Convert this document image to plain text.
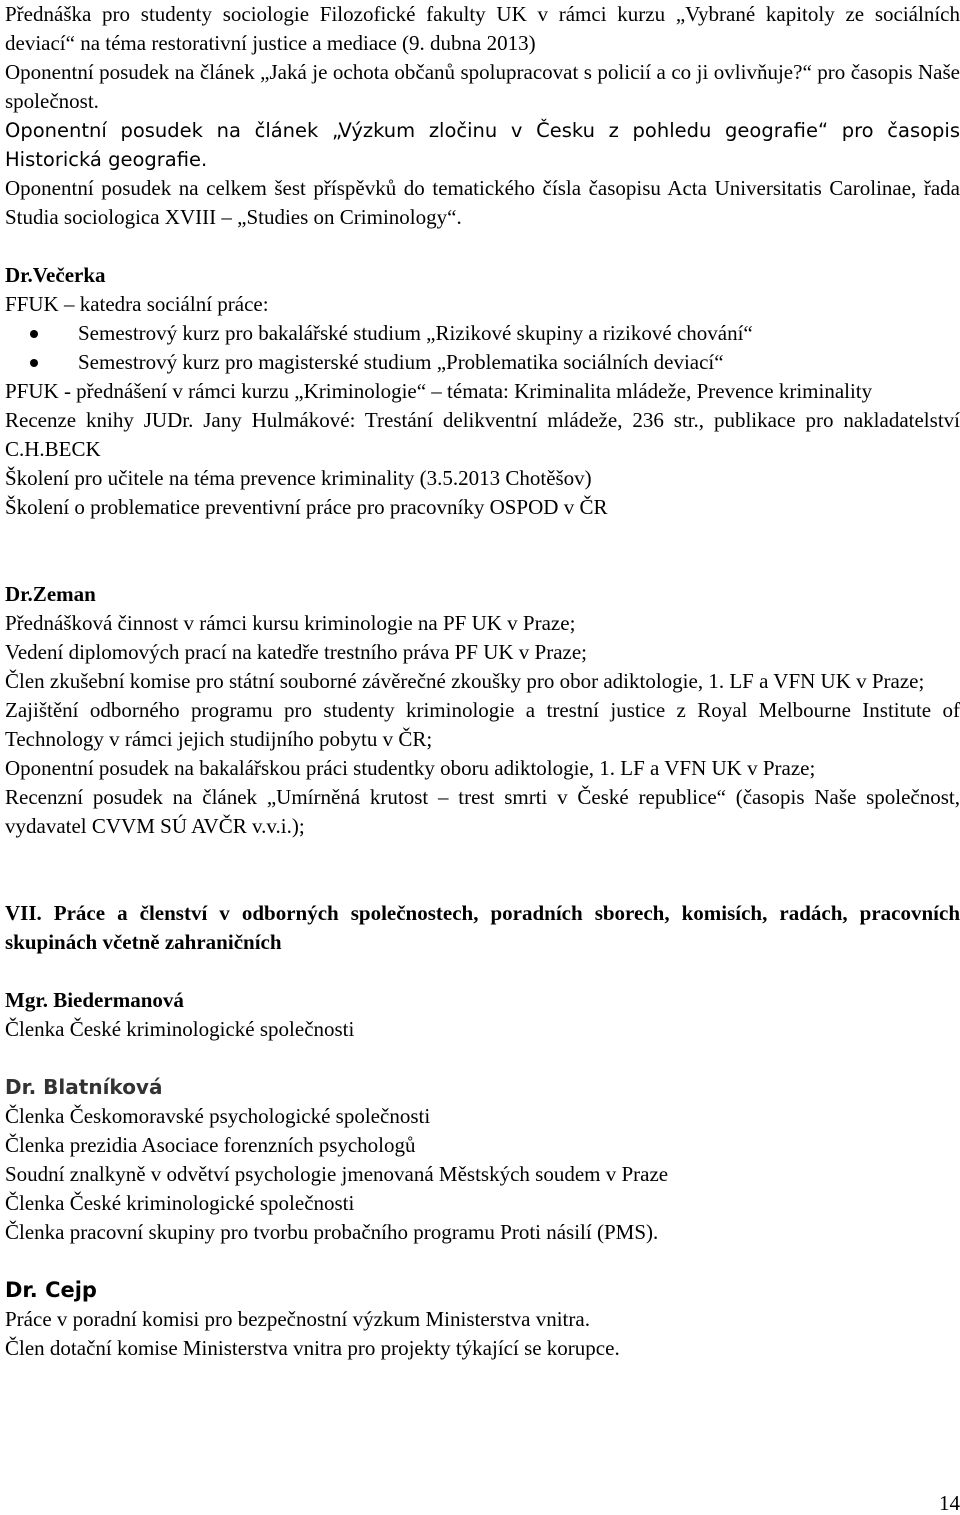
Přednáška pro studenty sociologie Filozofické fakulty UK v rámci kurzu „Vybrané kapitoly ze sociálních deviací“ na téma restorativní justice a mediace (9. dubna 2013)

Oponentní posudek na článek „Jaká je ochota občanů spolupracovat s policií a co ji ovlivňuje?“ pro časopis Naše společnost.

Oponentní posudek na článek „Výzkum zločinu v Česku z pohledu geografie“ pro časopis Historická geografie.

Oponentní posudek na celkem šest příspěvků do tematického čísla časopisu Acta Universitatis Carolinae, řada Studia sociologica XVIII – „Studies on Criminology“.

Dr.Večerka

FFUK – katedra sociální práce:

Semestrový kurz pro bakalářské studium „Rizikové skupiny a rizikové chování“
Semestrový kurz pro magisterské studium „Problematika sociálních deviací“

PFUK - přednášení v rámci kurzu „Kriminologie“ – témata: Kriminalita mládeže, Prevence kriminality

Recenze knihy JUDr. Jany Hulmákové: Trestání delikventní mládeže, 236 str., publikace pro nakladatelství C.H.BECK

Školení pro učitele na téma prevence kriminality (3.5.2013 Chotěšov)

Školení o problematice preventivní práce pro pracovníky OSPOD v ČR

Dr.Zeman

Přednášková činnost v rámci kursu kriminologie na PF UK v Praze;

Vedení diplomových prací na katedře trestního práva PF UK v Praze;

Člen zkušební komise pro státní souborné závěrečné zkoušky pro obor adiktologie, 1. LF a VFN UK v Praze;

Zajištění odborného programu pro studenty kriminologie a trestní justice z Royal Melbourne Institute of Technology v rámci jejich studijního pobytu v ČR;

Oponentní posudek na bakalářskou práci studentky oboru adiktologie, 1. LF a VFN UK v Praze;

Recenzní posudek na článek „Umírněná krutost – trest smrti v České republice“ (časopis Naše společnost, vydavatel CVVM SÚ AVČR v.v.i.);

VII. Práce a členství v odborných společnostech, poradních sborech, komisích, radách, pracovních skupinách včetně zahraničních

Mgr. Biedermanová

Členka České kriminologické společnosti

Dr. Blatníková

Členka Českomoravské psychologické společnosti

Členka prezidia Asociace forenzních psychologů

Soudní znalkyně v odvětví psychologie jmenovaná Městských soudem v Praze

Členka České kriminologické společnosti

Členka pracovní skupiny pro tvorbu probačního programu Proti násilí (PMS).

Dr. Cejp

Práce v poradní komisi pro bezpečnostní výzkum Ministerstva vnitra.

Člen dotační komise Ministerstva vnitra pro projekty týkající se korupce.

14
